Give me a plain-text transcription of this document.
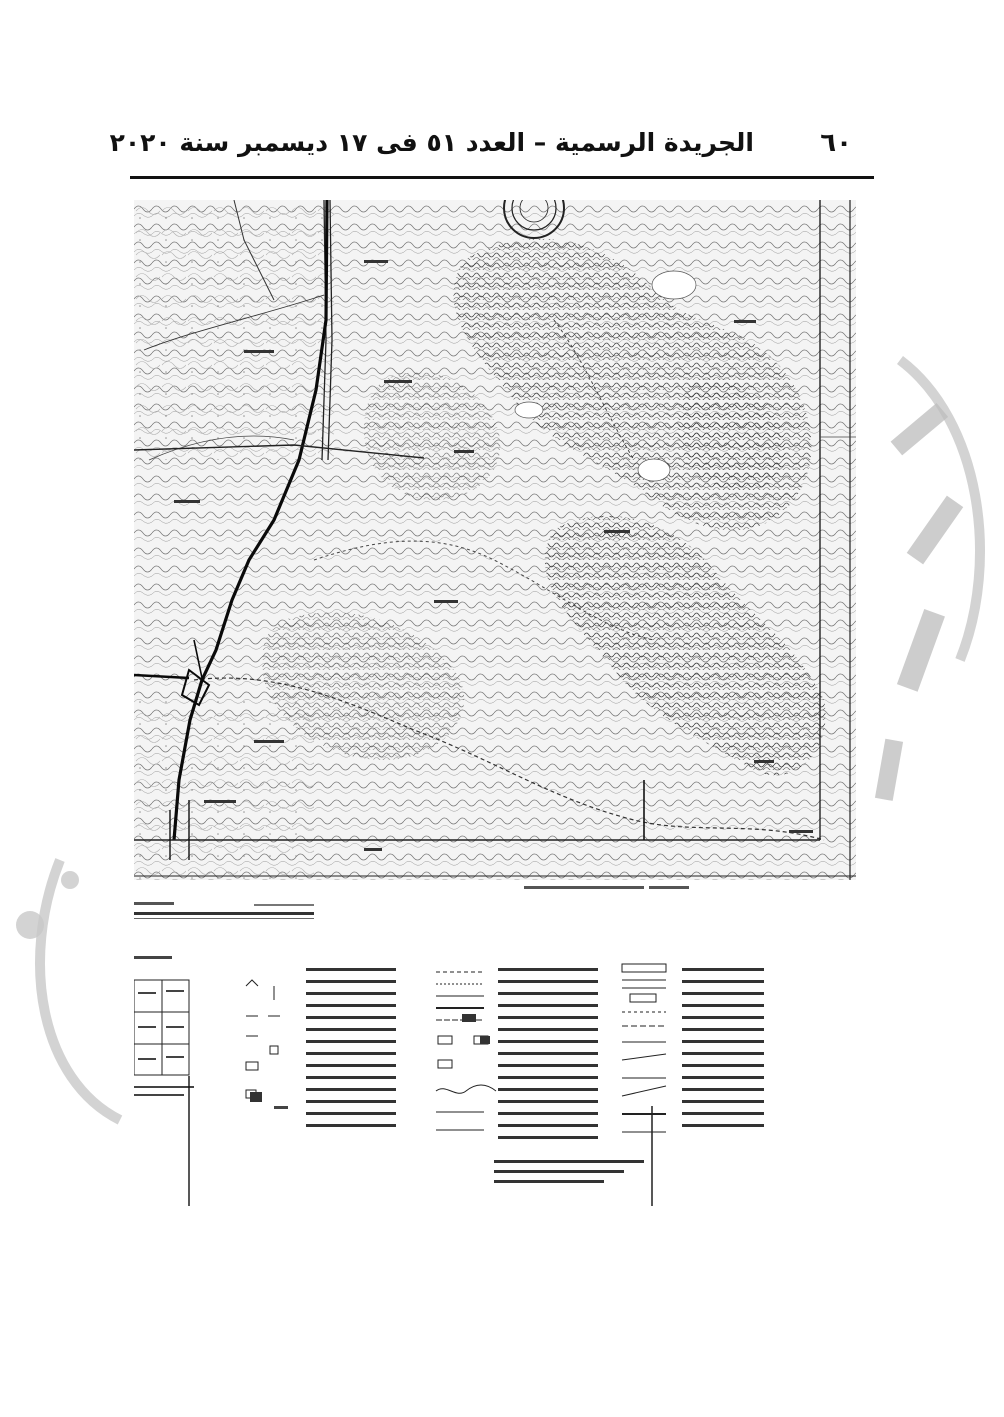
٦٠
الجريدة الرسمية – العدد ٥١ فى ١٧ ديسمبر سنة ٢٠٢٠
